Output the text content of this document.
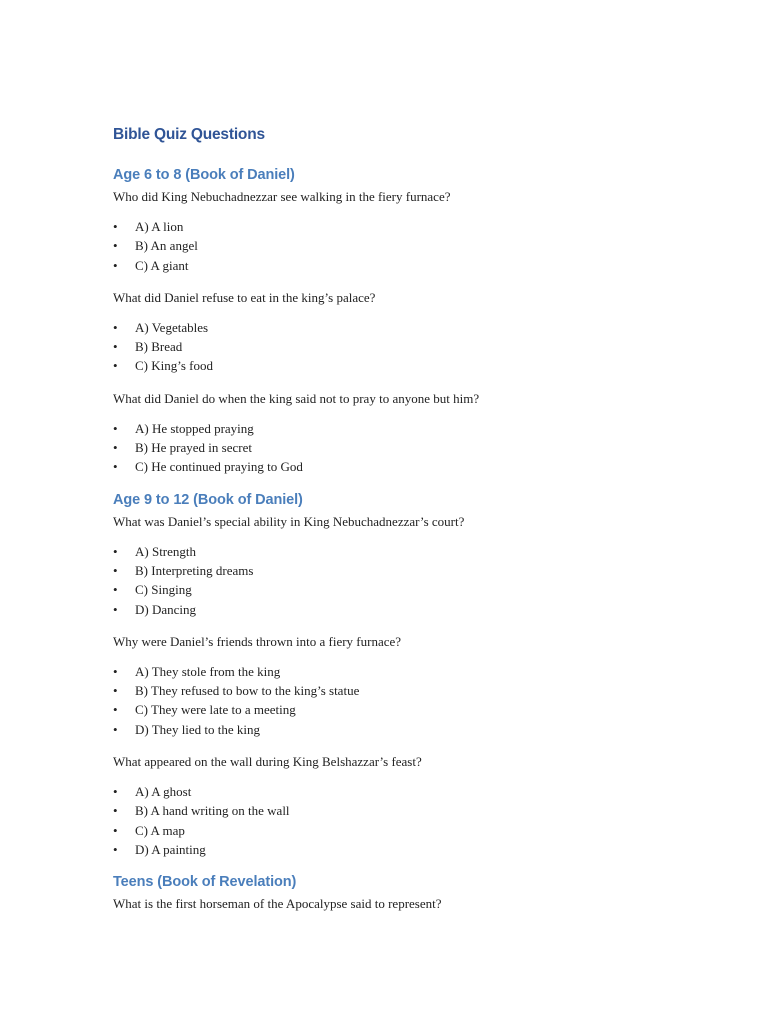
Bible Quiz Questions
Age 6 to 8 (Book of Daniel)

Who did King Nebuchadnezzar see walking in the fiery furnace?

• A) A lion
• B) An angel
• C) A giant

What did Daniel refuse to eat in the king’s palace?

• A) Vegetables
• B) Bread
• C) King’s food

What did Daniel do when the king said not to pray to anyone but him?

• A) He stopped praying
• B) He prayed in secret
• C) He continued praying to God
Age 9 to 12 (Book of Daniel)

What was Daniel’s special ability in King Nebuchadnezzar’s court?

• A) Strength
• B) Interpreting dreams
• C) Singing
• D) Dancing

Why were Daniel’s friends thrown into a fiery furnace?

• A) They stole from the king
• B) They refused to bow to the king’s statue
• C) They were late to a meeting
• D) They lied to the king

What appeared on the wall during King Belshazzar’s feast?

• A) A ghost
• B) A hand writing on the wall
• C) A map
• D) A painting
Teens (Book of Revelation)

What is the first horseman of the Apocalypse said to represent?
